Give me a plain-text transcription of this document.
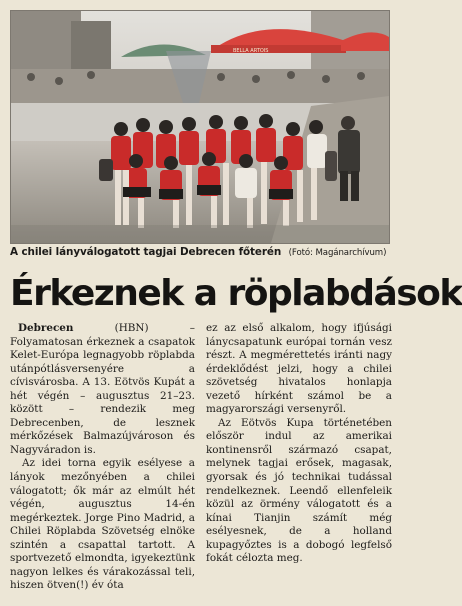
BELLA ARTOIS
A chilei lányválogatott tagjai Debrecen főterén (Fotó: Magánarchívum)
Érkeznek a röplabdások

Debrecen (HBN) – Folyamatosan érkeznek a csapatok Kelet-Európa legnagyobb röplabda utánpótlásversenyére a cívisvárosba. A 13. Eötvös Kupát a hét végén – augusztus 21–23. között – rendezik meg Debrecenben, de lesznek mérkőzések Balmazújvároson és Nagyváradon is.

Az idei torna egyik esélyese a lányok mezőnyében a chilei válogatott; ők már az elmúlt hét végén, augusztus 14-én megérkeztek. Jorge Pino Madrid, a Chilei Röplabda Szövetség elnöke szintén a csapattal tartott. A sportvezető elmondta, igyekeztünk nagyon lelkes és várakozással teli, hiszen ötven(!) év óta

ez az első alkalom, hogy ifjúsági lánycsapatunk európai tornán vesz részt. A megmérettetés iránti nagy érdeklődést jelzi, hogy a chilei szövetség hivatalos honlapja vezető hírként számol be a magyarországi versenyről.

Az Eötvös Kupa történetében először indul az amerikai kontinensről származó csapat, melynek tagjai erősek, magasak, gyorsak és jó technikai tudással rendelkeznek. Leendő ellenfeleik közül az örmény válogatott és a kínai Tianjin számít még esélyesnek, de a holland kupagyőztes is a dobogó legfelső fokát célozta meg.
